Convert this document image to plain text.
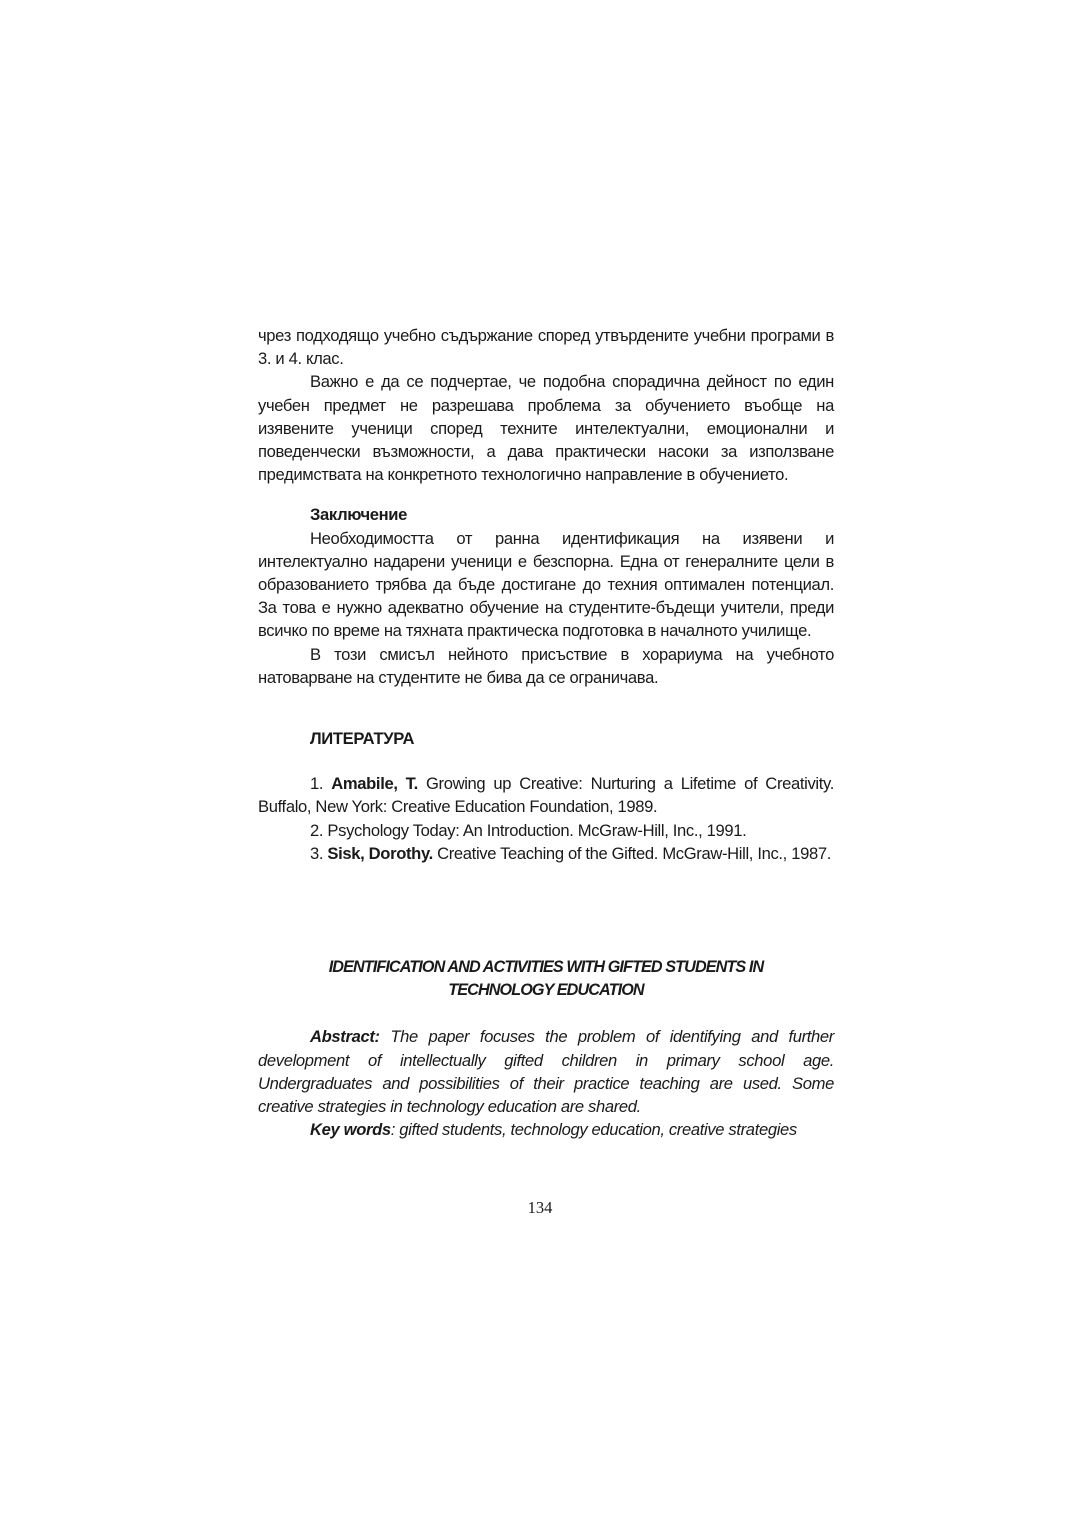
чрез подходящо учебно съдържание според утвърдените учебни програми в 3. и 4. клас.

Важно е да се подчертае, че подобна спорадична дейност по един учебен предмет не разрешава проблема за обучението въобще на изявените ученици според техните интелектуални, емоционални и поведенчески възможности, а дава практически насоки за използване предимствата на конкретното технологично направление в обучението.

Заключение

Необходимостта от ранна идентификация на изявени и интелектуално надарени ученици е безспорна. Една от генералните цели в образованието трябва да бъде достигане до техния оптимален потенциал. За това е нужно адекватно обучение на студентите-бъдещи учители, преди всичко по време на тяхната практическа подготовка в началното училище.

В този смисъл нейното присъствие в хорариума на учебното натоварване на студентите не бива да се ограничава.

ЛИТЕРАТУРА

1. Amabile, T. Growing up Creative: Nurturing a Lifetime of Creativity. Buffalo, New York: Creative Education Foundation, 1989.

2. Psychology Today: An Introduction. McGraw-Hill, Inc., 1991.

3. Sisk, Dorothy. Creative Teaching of the Gifted. McGraw-Hill, Inc., 1987.

IDENTIFICATION AND ACTIVITIES WITH GIFTED STUDENTS IN

TECHNOLOGY EDUCATION

Abstract: The paper focuses the problem of identifying and further development of intellectually gifted children in primary school age. Undergraduates and possibilities of their practice teaching are used. Some creative strategies in technology education are shared.

Key words: gifted students, technology education, creative strategies

134
